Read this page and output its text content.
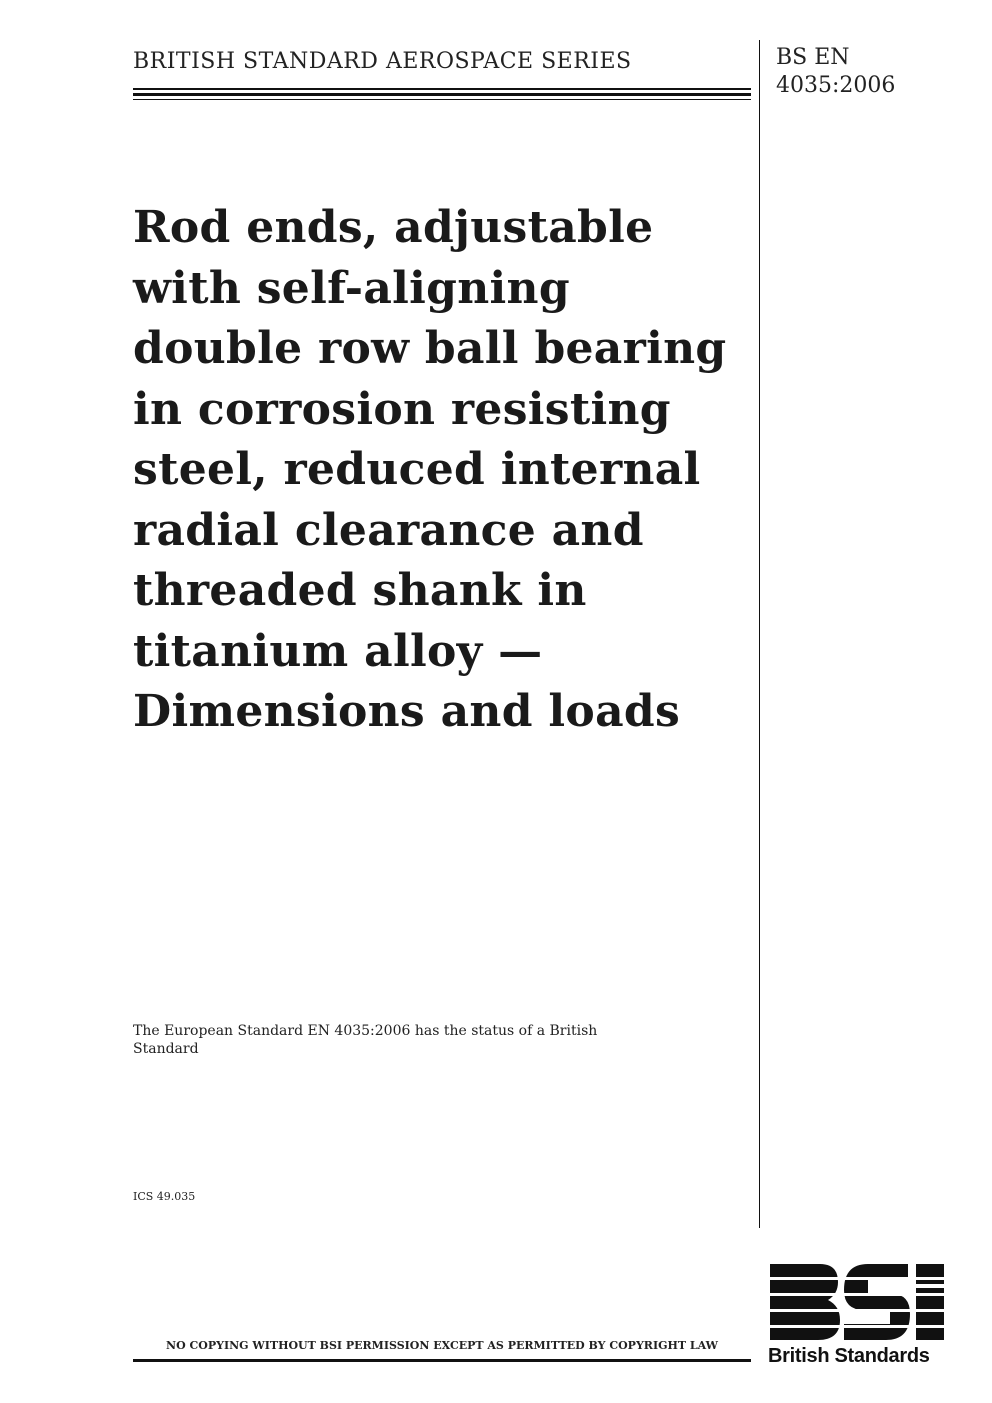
BRITISH STANDARD AEROSPACE SERIES	BS EN
4035:2006
Rod ends, adjustable
with self-aligning
double row ball bearing
in corrosion resisting
steel, reduced internal
radial clearance and
threaded shank in
titanium alloy —
Dimensions and loads
The European Standard EN 4035:2006 has the status of a British Standard
ICS 49.035
NO COPYING WITHOUT BSI PERMISSION EXCEPT AS PERMITTED BY COPYRIGHT LAW	British Standards
